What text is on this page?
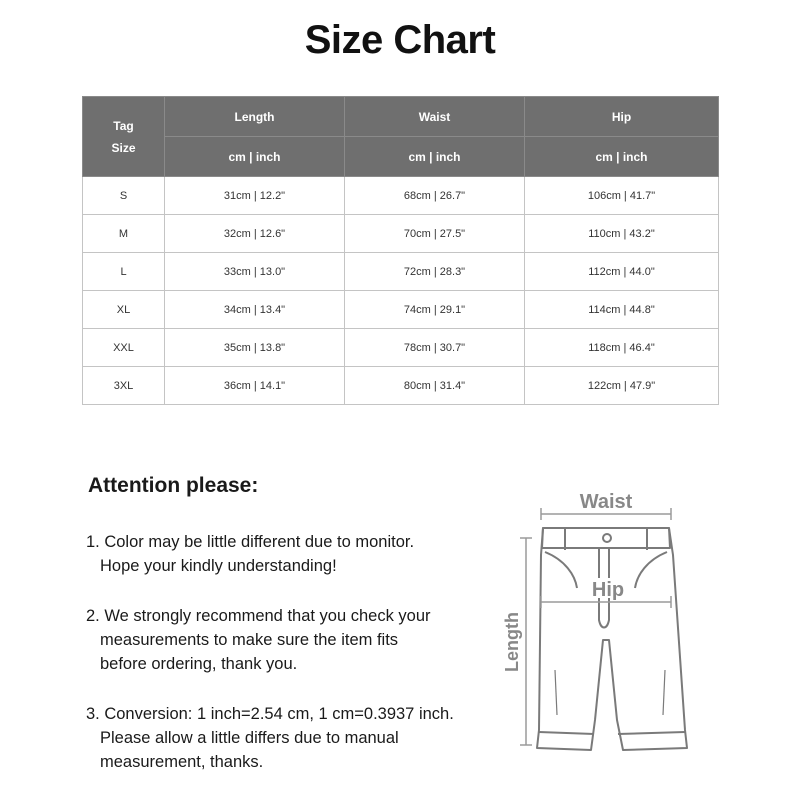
Size Chart
Tag
Size	Length	Waist	Hip
	cm | inch	cm | inch	cm | inch
S	31cm | 12.2"	68cm | 26.7"	106cm | 41.7"
M	32cm | 12.6"	70cm | 27.5"	110cm | 43.2"
L	33cm | 13.0"	72cm | 28.3"	112cm | 44.0"
XL	34cm | 13.4"	74cm | 29.1"	114cm | 44.8"
XXL	35cm | 13.8"	78cm | 30.7"	118cm | 46.4"
3XL	36cm | 14.1"	80cm | 31.4"	122cm | 47.9"
Attention please:
1. Color may be little different due to monitor.
Hope your kindly understanding!
2. We strongly recommend that you check your
measurements to make sure the item fits
before ordering, thank you.
3. Conversion: 1 inch=2.54 cm, 1 cm=0.3937 inch.
Please allow a little differs due to manual
measurement, thanks.
Waist
Length
Hip
